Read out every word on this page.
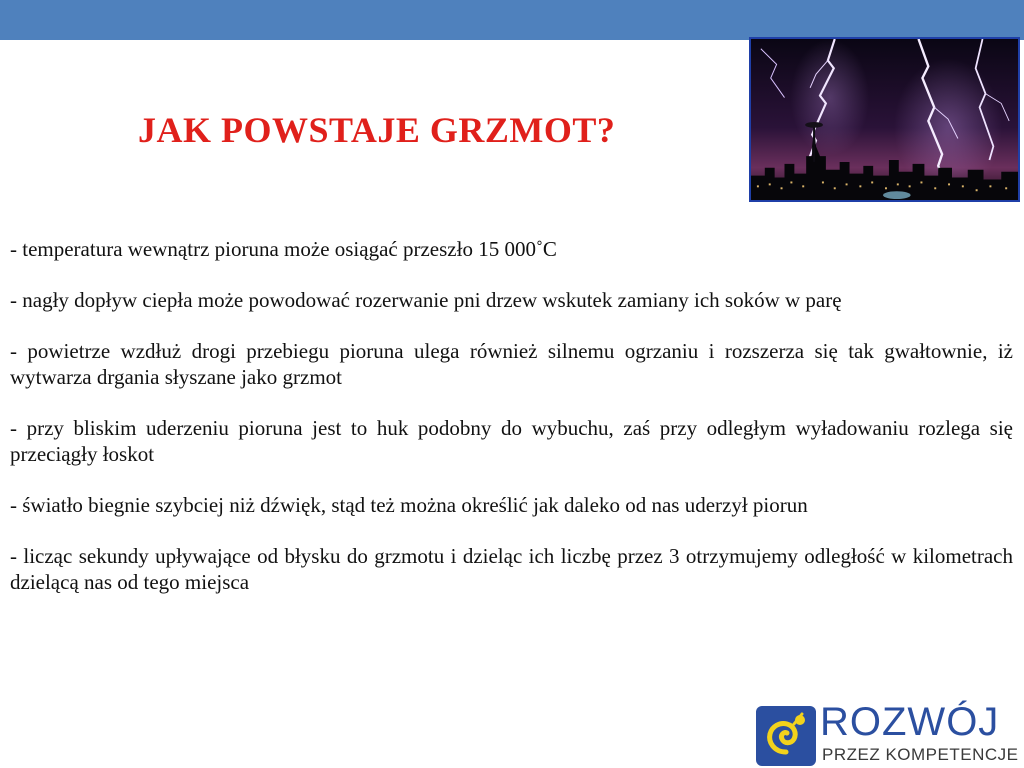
JAK POWSTAJE GRZMOT?

- temperatura wewnątrz pioruna może osiągać przeszło 15 000˚C

- nagły dopływ ciepła może powodować rozerwanie pni drzew wskutek zamiany ich soków w parę

- powietrze wzdłuż drogi przebiegu pioruna ulega również silnemu ogrzaniu i rozszerza się tak gwałtownie, iż wytwarza drgania słyszane jako grzmot

- przy bliskim uderzeniu pioruna jest to huk podobny do wybuchu, zaś przy odległym wyładowaniu rozlega się przeciągły łoskot

- światło biegnie szybciej niż dźwięk, stąd też można określić jak daleko od nas uderzył piorun

- licząc sekundy upływające od błysku do grzmotu i dzieląc ich liczbę przez 3 otrzymujemy odległość w kilometrach dzielącą nas od tego miejsca

ROZWÓJ
PRZEZ KOMPETENCJE
